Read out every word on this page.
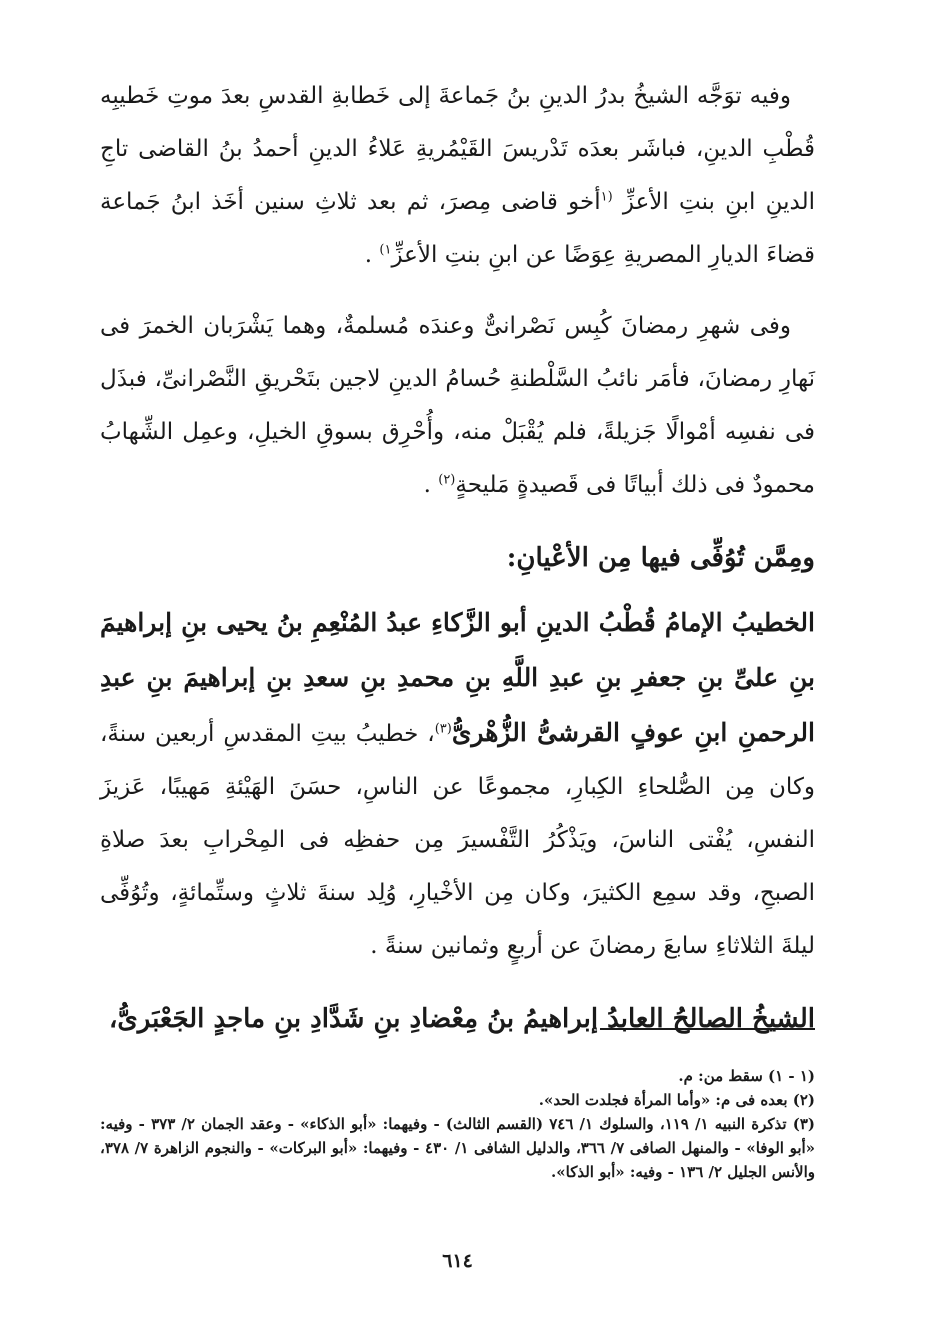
وفيه توَجَّه الشيخُ بدرُ الدينِ بنُ جَماعةَ إلى خَطابةِ القدسِ بعدَ موتِ خَطيبِه قُطْبِ الدينِ، فباشَر بعدَه تَدْريسَ القَيْمُريةِ عَلاءُ الدينِ أحمدُ بنُ القاضى تاجِ الدينِ ابنِ بنتِ الأعزِّ $^{(١}$أخو قاضى مِصرَ، ثم بعد ثلاثِ سنين أخَذ ابنُ جَماعة قضاءَ الديارِ المصريةِ عِوَضًا عن ابنِ بنتِ الأعزِّ$^{١)}$ .

وفى شهرِ رمضانَ كُبِس نَصْرانىٌّ وعندَه مُسلمةٌ، وهما يَشْرَبان الخمرَ فى نَهارِ رمضانَ، فأمَر نائبُ السَّلْطنةِ حُسامُ الدينِ لاجين بتَحْريقِ النَّصْرانىِّ، فبذَل فى نفسِه أمْوالًا جَزيلةً، فلم يُقْبَلْ منه، وأُحْرِق بسوقِ الخيلِ، وعمِل الشِّهابُ محمودٌ فى ذلك أبياتًا فى قَصيدةٍ مَليحةٍ$^{(٢)}$ .

ومِمَّن تُوُفِّى فيها مِن الأعْيانِ:

الخطيبُ الإمامُ قُطْبُ الدينِ أبو الزَّكاءِ عبدُ المُنْعِمِ بنُ يحيى بنِ إبراهيمَ بنِ علىِّ بنِ جعفرِ بنِ عبدِ اللَّهِ بنِ محمدِ بنِ سعدِ بنِ إبراهيمَ بنِ عبدِ الرحمنِ ابنِ عوفٍ القرشىُّ الزُّهْرىُّ$^{(٣)}$، خطيبُ بيتِ المقدسِ أربعين سنةً، وكان مِن الصُّلحاءِ الكِبارِ، مجموعًا عن الناسِ، حسَنَ الهَيْئةِ مَهيبًا، عَزيزَ النفسِ، يُفْتى الناسَ، ويَذْكُرُ التَّفْسيرَ مِن حفظِه فى المِحْرابِ بعدَ صلاةِ الصبحِ، وقد سمِع الكثيرَ، وكان مِن الأخْيارِ، وُلِد سنةَ ثلاثٍ وستِّمائةٍ، وتُوُفِّى ليلةَ الثلاثاءِ سابعَ رمضانَ عن أربعٍ وثمانين سنةً .

الشيخُ الصالحُ العابدُ إبراهيمُ بنُ مِعْضادِ بنِ شَدَّادِ بنِ ماجدٍ الجَعْبَرىُّ،

(١ - ١) سقط من: م.

(٢) بعده فى م: «وأما المرأة فجلدت الحد».

(٣) تذكرة النبيه ١/ ١١٩، والسلوك ١/ ٧٤٦ (القسم الثالث) - وفيهما: «أبو الذكاء» - وعقد الجمان ٢/ ٣٧٣ - وفيه: «أبو الوفا» - والمنهل الصافى ٧/ ٣٦٦، والدليل الشافى ١/ ٤٣٠ - وفيهما: «أبو البركات» - والنجوم الزاهرة ٧/ ٣٧٨، والأنس الجليل ٢/ ١٣٦ - وفيه: «أبو الذكا».

٦١٤
